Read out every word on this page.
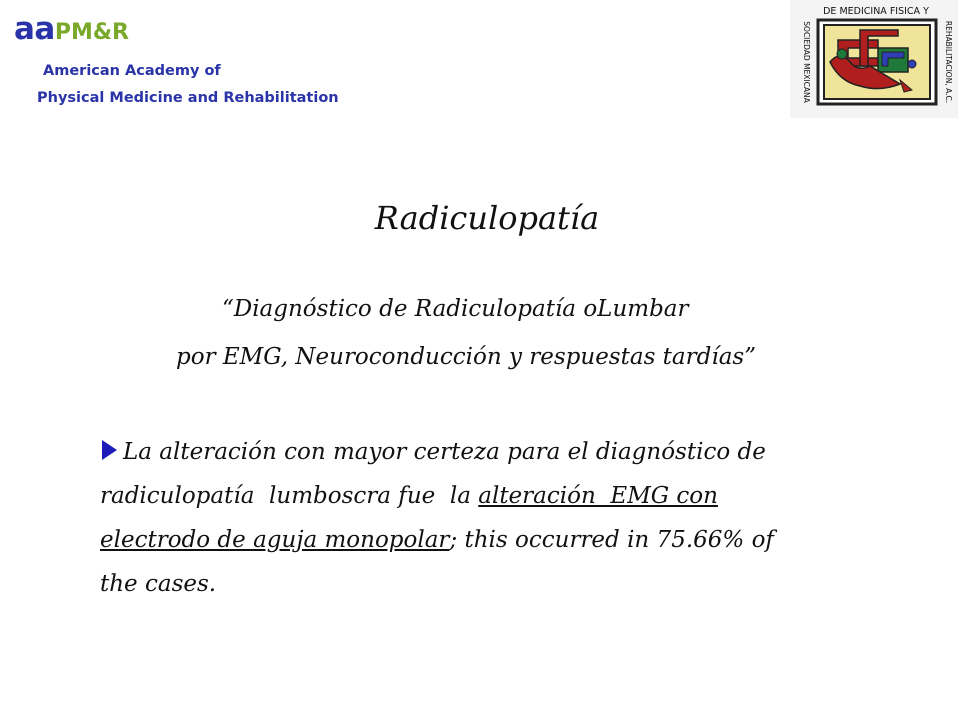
aaPM&R
American Academy of
Physical Medicine and Rehabilitation
DE MEDICINA FISICA Y
SOCIEDAD MEXICANA	REHABILITACION, A.C.
Radiculopatía
“Diagnóstico de Radiculopatía oLumbar
por EMG, Neuroconducción y respuestas tardías”
La alteración con mayor certeza para el diagnóstico de
radiculopatía  lumboscra fue  la alteración  EMG con
electrodo de aguja monopolar; this occurred in 75.66% of
the cases.
